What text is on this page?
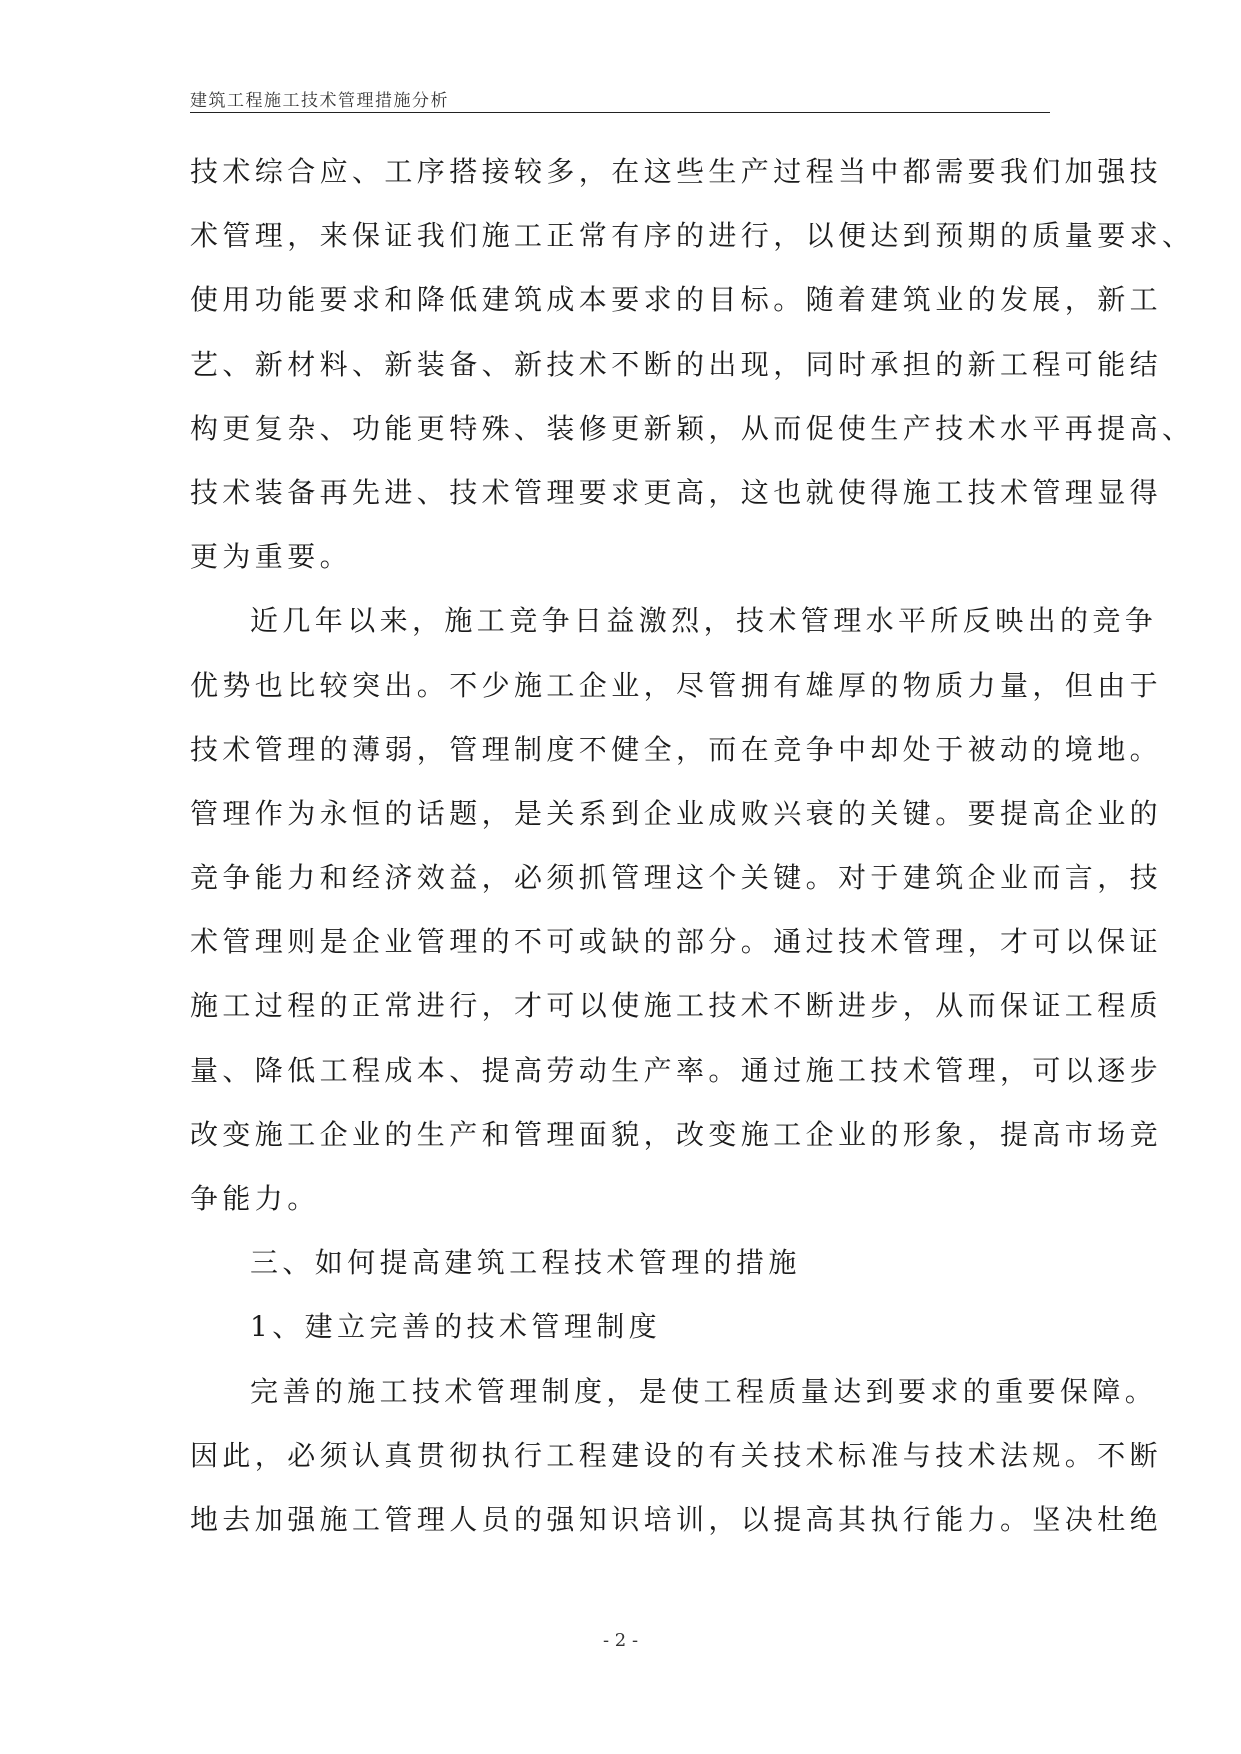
建筑工程施工技术管理措施分析
技术综合应、工序搭接较多，在这些生产过程当中都需要我们加强技
术管理，来保证我们施工正常有序的进行，以便达到预期的质量要求、
使用功能要求和降低建筑成本要求的目标。随着建筑业的发展，新工
艺、新材料、新装备、新技术不断的出现，同时承担的新工程可能结
构更复杂、功能更特殊、装修更新颖，从而促使生产技术水平再提高、
技术装备再先进、技术管理要求更高，这也就使得施工技术管理显得
更为重要。
近几年以来，施工竞争日益激烈，技术管理水平所反映出的竞争
优势也比较突出。不少施工企业，尽管拥有雄厚的物质力量，但由于
技术管理的薄弱，管理制度不健全，而在竞争中却处于被动的境地。
管理作为永恒的话题，是关系到企业成败兴衰的关键。要提高企业的
竞争能力和经济效益，必须抓管理这个关键。对于建筑企业而言，技
术管理则是企业管理的不可或缺的部分。通过技术管理，才可以保证
施工过程的正常进行，才可以使施工技术不断进步，从而保证工程质
量、降低工程成本、提高劳动生产率。通过施工技术管理，可以逐步
改变施工企业的生产和管理面貌，改变施工企业的形象，提高市场竞
争能力。
三、如何提高建筑工程技术管理的措施
1、建立完善的技术管理制度
完善的施工技术管理制度，是使工程质量达到要求的重要保障。
因此，必须认真贯彻执行工程建设的有关技术标准与技术法规。不断
地去加强施工管理人员的强知识培训，以提高其执行能力。坚决杜绝
- 2 -
